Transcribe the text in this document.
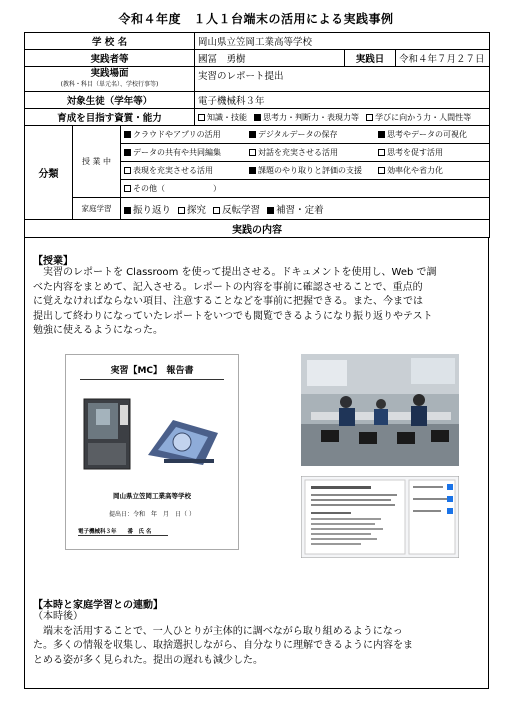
令和４年度　１人１台端末の活用による実践事例
学 校 名			岡山県立笠岡工業高等学校		
実践者等			國冨　勇樹	実践日	令和４年７月２７日

実践場面
(教科・科目（単元名）、学校行事等)			実習のレポート提出		
対象生徒（学年等）			電子機械科３年		
育成を目指す資質・能力			知識・技能 思考力・判断力・表現力等 学びに向かう力・人間性等		
分類	授 業 中	クラウドやアプリの活用 デジタルデータの保存 思考やデータの可視化			
		データの共有や共同編集 対話を充実させる活用 思考を促す活用			
		表現を充実させる活用 課題のやり取りと評価の支援 効率化や省力化			
		その他（　　　　　　）			
	家庭学習	振り返り 探究 反転学習 補習・定着			
実践の内容					
【授業】
　実習のレポートを Classroom を使って提出させる。ドキュメントを使用し、Web で調
べた内容をまとめて、記入させる。レポートの内容を事前に確認させることで、重点的
に覚えなければならない項目、注意することなどを事前に把握できる。また、今までは
提出して終わりになっていたレポートをいつでも閲覧できるようになり振り返りやテスト
勉強に使えるようになった。
実習【MC】　報告書
岡山県立笠岡工業高等学校
提出日：令和　年　月　日（ ）
電子機械科３年　　番　氏 名
【本時と家庭学習との連動】
（本時後）
　端末を活用することで、一人ひとりが主体的に調べながら取り組めるようになっ
た。多くの情報を収集し、取捨選択しながら、自分なりに理解できるように内容をま
とめる姿が多く見られた。提出の遅れも減少した。
